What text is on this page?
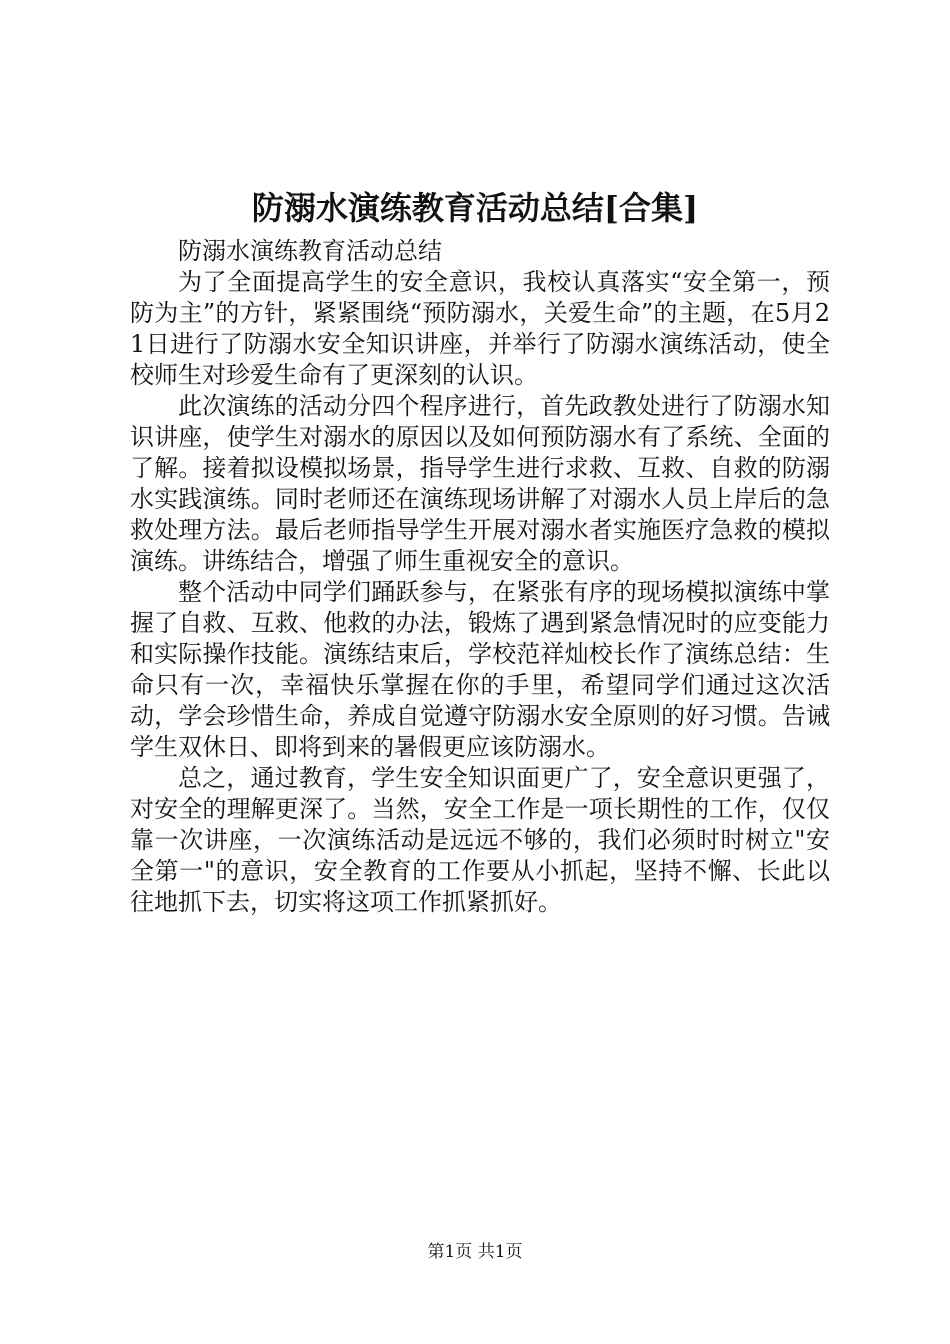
防溺水演练教育活动总结[合集]

防溺水演练教育活动总结

为了全面提高学生的安全意识，我校认真落实“安全第一，预防为主”的方针，紧紧围绕“预防溺水，关爱生命”的主题，在5月21日进行了防溺水安全知识讲座，并举行了防溺水演练活动，使全校师生对珍爱生命有了更深刻的认识。

此次演练的活动分四个程序进行，首先政教处进行了防溺水知识讲座，使学生对溺水的原因以及如何预防溺水有了系统、全面的了解。接着拟设模拟场景，指导学生进行求救、互救、自救的防溺水实践演练。同时老师还在演练现场讲解了对溺水人员上岸后的急救处理方法。最后老师指导学生开展对溺水者实施医疗急救的模拟演练。讲练结合，增强了师生重视安全的意识。

整个活动中同学们踊跃参与，在紧张有序的现场模拟演练中掌握了自救、互救、他救的办法，锻炼了遇到紧急情况时的应变能力和实际操作技能。演练结束后，学校范祥灿校长作了演练总结：生命只有一次，幸福快乐掌握在你的手里，希望同学们通过这次活动，学会珍惜生命，养成自觉遵守防溺水安全原则的好习惯。告诫学生双休日、即将到来的暑假更应该防溺水。

总之，通过教育，学生安全知识面更广了，安全意识更强了，对安全的理解更深了。当然，安全工作是一项长期性的工作，仅仅靠一次讲座，一次演练活动是远远不够的，我们必须时时树立"安全第一"的意识，安全教育的工作要从小抓起，坚持不懈、长此以往地抓下去，切实将这项工作抓紧抓好。

第1页 共1页
